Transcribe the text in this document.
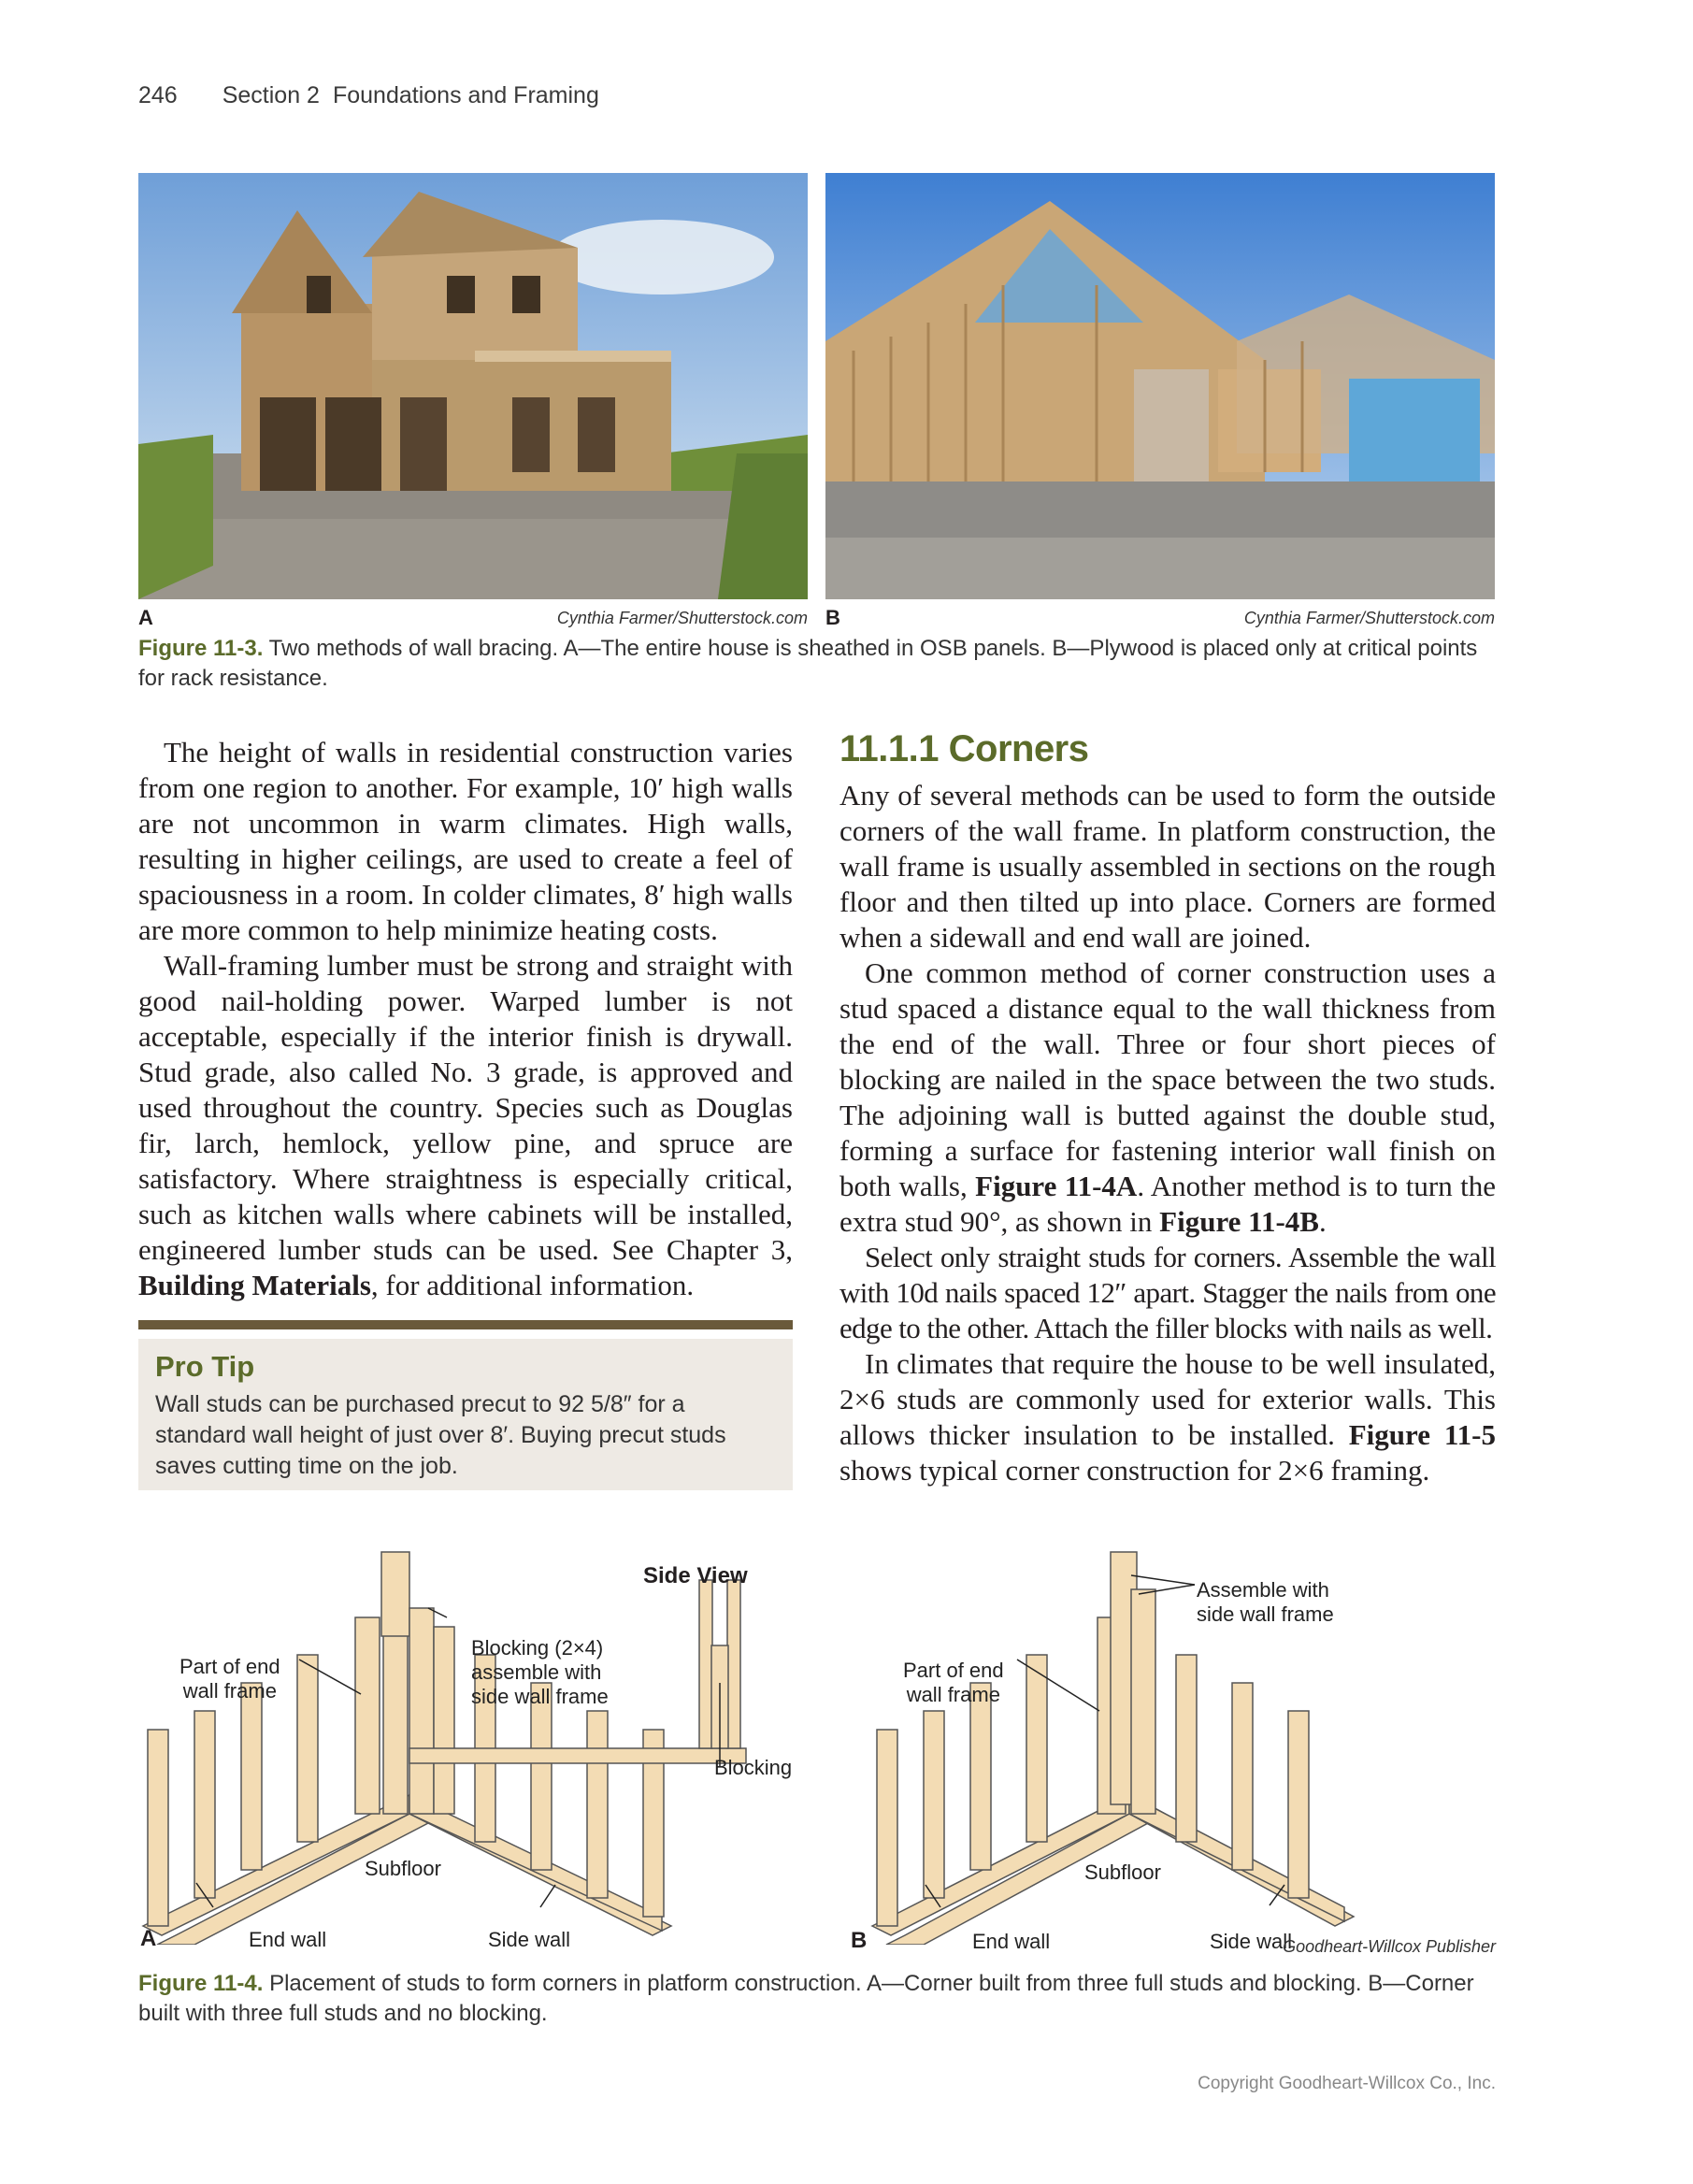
246 Section 2 Foundations and Framing
A	Cynthia Farmer/Shutterstock.com B	Cynthia Farmer/Shutterstock.com
Figure 11-3. Two methods of wall bracing. A—The entire house is sheathed in OSB panels. B—Plywood is placed only at critical points for rack resistance.

The height of walls in residential construction varies from one region to another. For example, 10′ high walls are not uncommon in warm climates. High walls, resulting in higher ceilings, are used to create a feel of spaciousness in a room. In colder climates, 8′ high walls are more common to help minimize heating costs.

Wall-framing lumber must be strong and straight with good nail-holding power. Warped lumber is not acceptable, especially if the interior finish is drywall. Stud grade, also called No. 3 grade, is approved and used throughout the country. Species such as Douglas fir, larch, hemlock, yellow pine, and spruce are satisfactory. Where straightness is especially critical, such as kitchen walls where cabinets will be installed, engineered lumber studs can be used. See Chapter 3, Building Materials, for additional information.

Pro Tip
Wall studs can be purchased precut to 92 5/8″ for a standard wall height of just over 8′. Buying precut studs saves cutting time on the job.
11.1.1 Corners

Any of several methods can be used to form the outside corners of the wall frame. In platform construction, the wall frame is usually assembled in sections on the rough floor and then tilted up into place. Corners are formed when a sidewall and end wall are joined.

One common method of corner construction uses a stud spaced a distance equal to the wall thickness from the end of the wall. Three or four short pieces of blocking are nailed in the space between the two studs. The adjoining wall is butted against the double stud, forming a surface for fastening interior wall finish on both walls, Figure 11-4A. Another method is to turn the extra stud 90°, as shown in Figure 11-4B.

Select only straight studs for corners. Assemble the wall with 10d nails spaced 12″ apart. Stagger the nails from one edge to the other. Attach the filler blocks with nails as well.

In climates that require the house to be well insulated, 2×6 studs are commonly used for exterior walls. This allows thicker insulation to be installed. Figure 11-5 shows typical corner construction for 2×6 framing.

Part of end
wall frame
Blocking (2×4)
assemble with
side wall frame
Side View
Blocking
Subfloor
A	End wall	Side wall
Assemble with
side wall frame
Part of end
wall frame
Subfloor
B	End wall	Side wall
Goodheart-Willcox Publisher
Figure 11-4. Placement of studs to form corners in platform construction. A—Corner built from three full studs and blocking. B—Corner built with three full studs and no blocking.
Copyright Goodheart-Willcox Co., Inc.
